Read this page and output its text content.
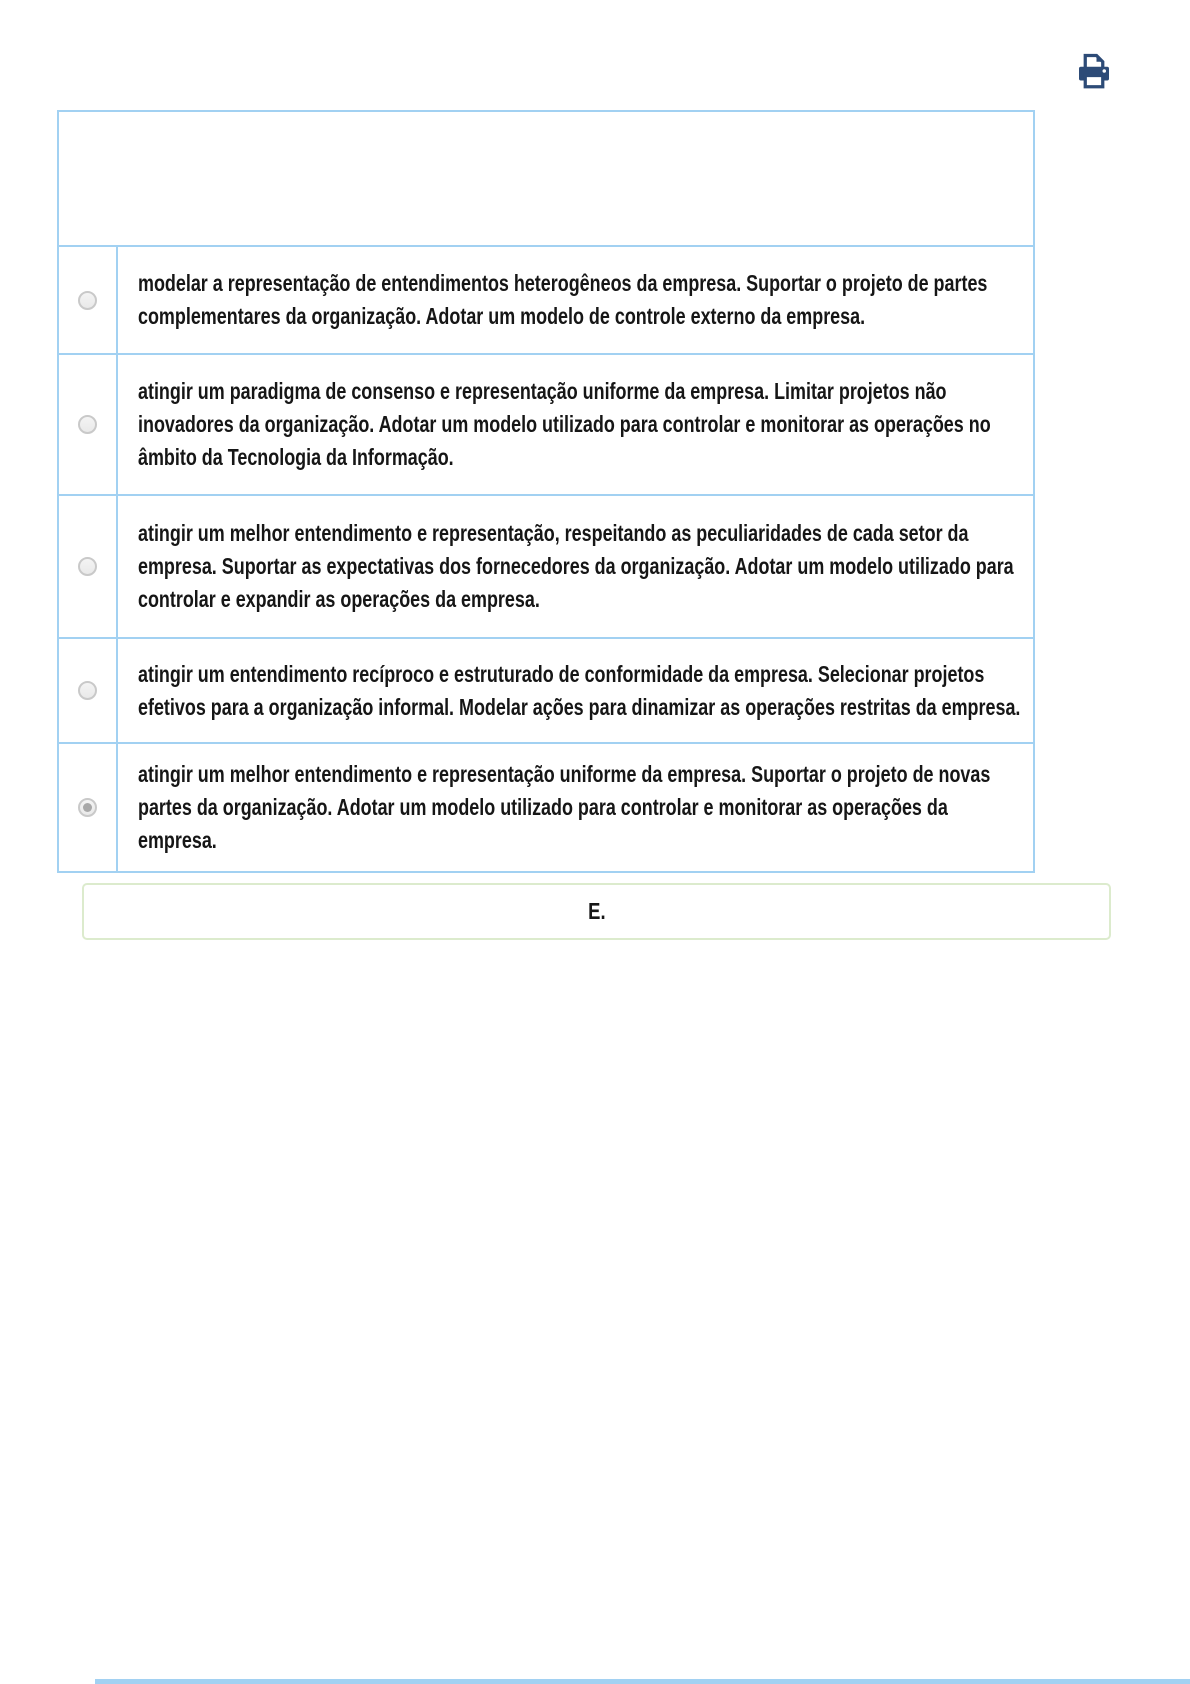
modelar a representação de entendimentos heterogêneos da empresa. Suportar o projeto de partes complementares da organização. Adotar um modelo de controle externo da empresa.
atingir um paradigma de consenso e representação uniforme da empresa. Limitar projetos não inovadores da organização. Adotar um modelo utilizado para controlar e monitorar as operações no âmbito da Tecnologia da Informação.
atingir um melhor entendimento e representação, respeitando as peculiaridades de cada setor da empresa. Suportar as expectativas dos fornecedores da organização. Adotar um modelo utilizado para controlar e expandir as operações da empresa.
atingir um entendimento recíproco e estruturado de conformidade da empresa. Selecionar projetos efetivos para a organização informal. Modelar ações para dinamizar as operações restritas da empresa.
atingir um melhor entendimento e representação uniforme da empresa. Suportar o projeto de novas partes da organização. Adotar um modelo utilizado para controlar e monitorar as operações da empresa.
E.
